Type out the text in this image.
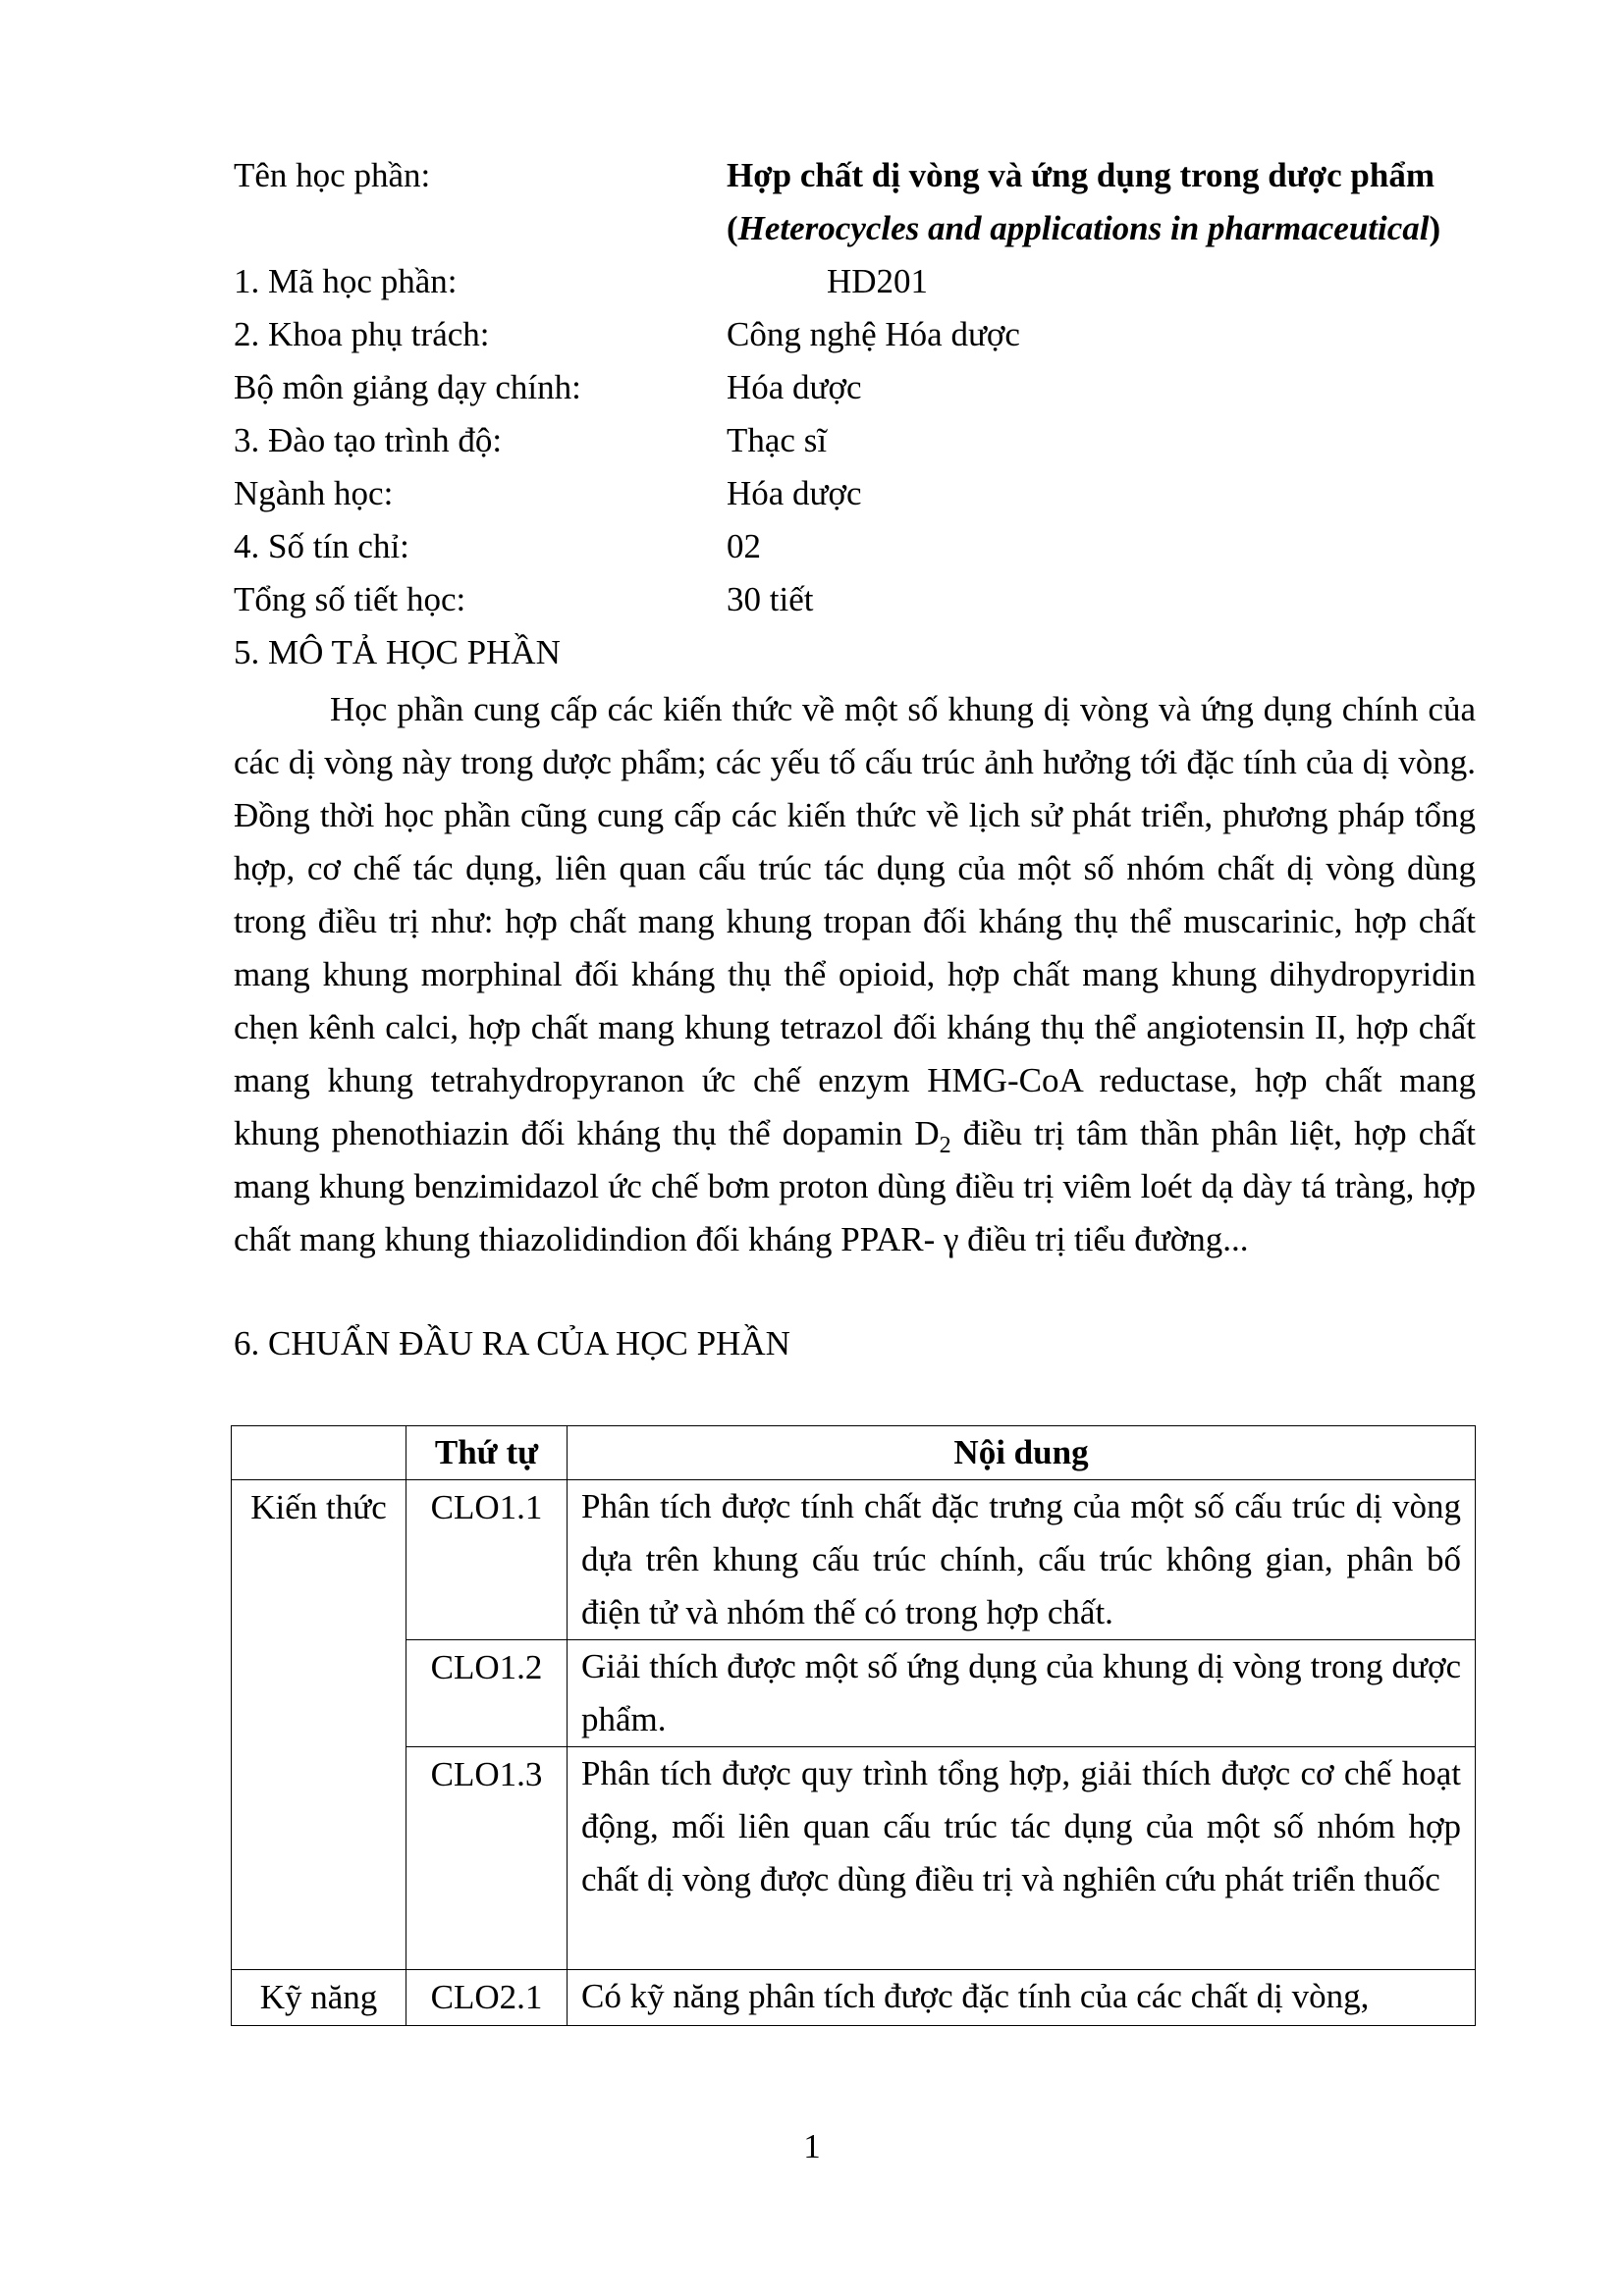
Tên học phần:	Hợp chất dị vòng và ứng dụng trong dược phẩm
(Heterocycles and applications in pharmaceutical)
1. Mã học phần:	HD201
2. Khoa phụ trách:	Công nghệ Hóa dược
Bộ môn giảng dạy chính:	Hóa dược
3. Đào tạo trình độ:	Thạc sĩ
Ngành học:	Hóa dược
4. Số tín chỉ:	02
Tổng số tiết học:	30 tiết
5. MÔ TẢ HỌC PHẦN
Học phần cung cấp các kiến thức về một số khung dị vòng và ứng dụng chính của các dị vòng này trong dược phẩm; các yếu tố cấu trúc ảnh hưởng tới đặc tính của dị vòng. Đồng thời học phần cũng cung cấp các kiến thức về lịch sử phát triển, phương pháp tổng hợp, cơ chế tác dụng, liên quan cấu trúc tác dụng của một số nhóm chất dị vòng dùng trong điều trị như: hợp chất mang khung tropan đối kháng thụ thể muscarinic, hợp chất mang khung morphinal đối kháng thụ thể opioid, hợp chất mang khung dihydropyridin chẹn kênh calci, hợp chất mang khung tetrazol đối kháng thụ thể angiotensin II, hợp chất mang khung tetrahydropyranon ức chế enzym HMG-CoA reductase, hợp chất mang khung phenothiazin đối kháng thụ thể dopamin $D_2$ điều trị tâm thần phân liệt, hợp chất mang khung benzimidazol ức chế bơm proton dùng điều trị viêm loét dạ dày tá tràng, hợp chất mang khung thiazolidindion đối kháng PPAR- γ điều trị tiểu đường...
6. CHUẨN ĐẦU RA CỦA HỌC PHẦN
	Thứ tự	Nội dung
Kiến thức	CLO1.1	Phân tích được tính chất đặc trưng của một số cấu trúc dị vòng dựa trên khung cấu trúc chính, cấu trúc không gian, phân bố điện tử và nhóm thế có trong hợp chất.
	CLO1.2	Giải thích được một số ứng dụng của khung dị vòng trong dược phẩm.
	CLO1.3	Phân tích được quy trình tổng hợp, giải thích được cơ chế hoạt động, mối liên quan cấu trúc tác dụng của một số nhóm hợp chất dị vòng được dùng điều trị và nghiên cứu phát triển thuốc
Kỹ năng	CLO2.1	Có kỹ năng phân tích được đặc tính của các chất dị vòng,
1
